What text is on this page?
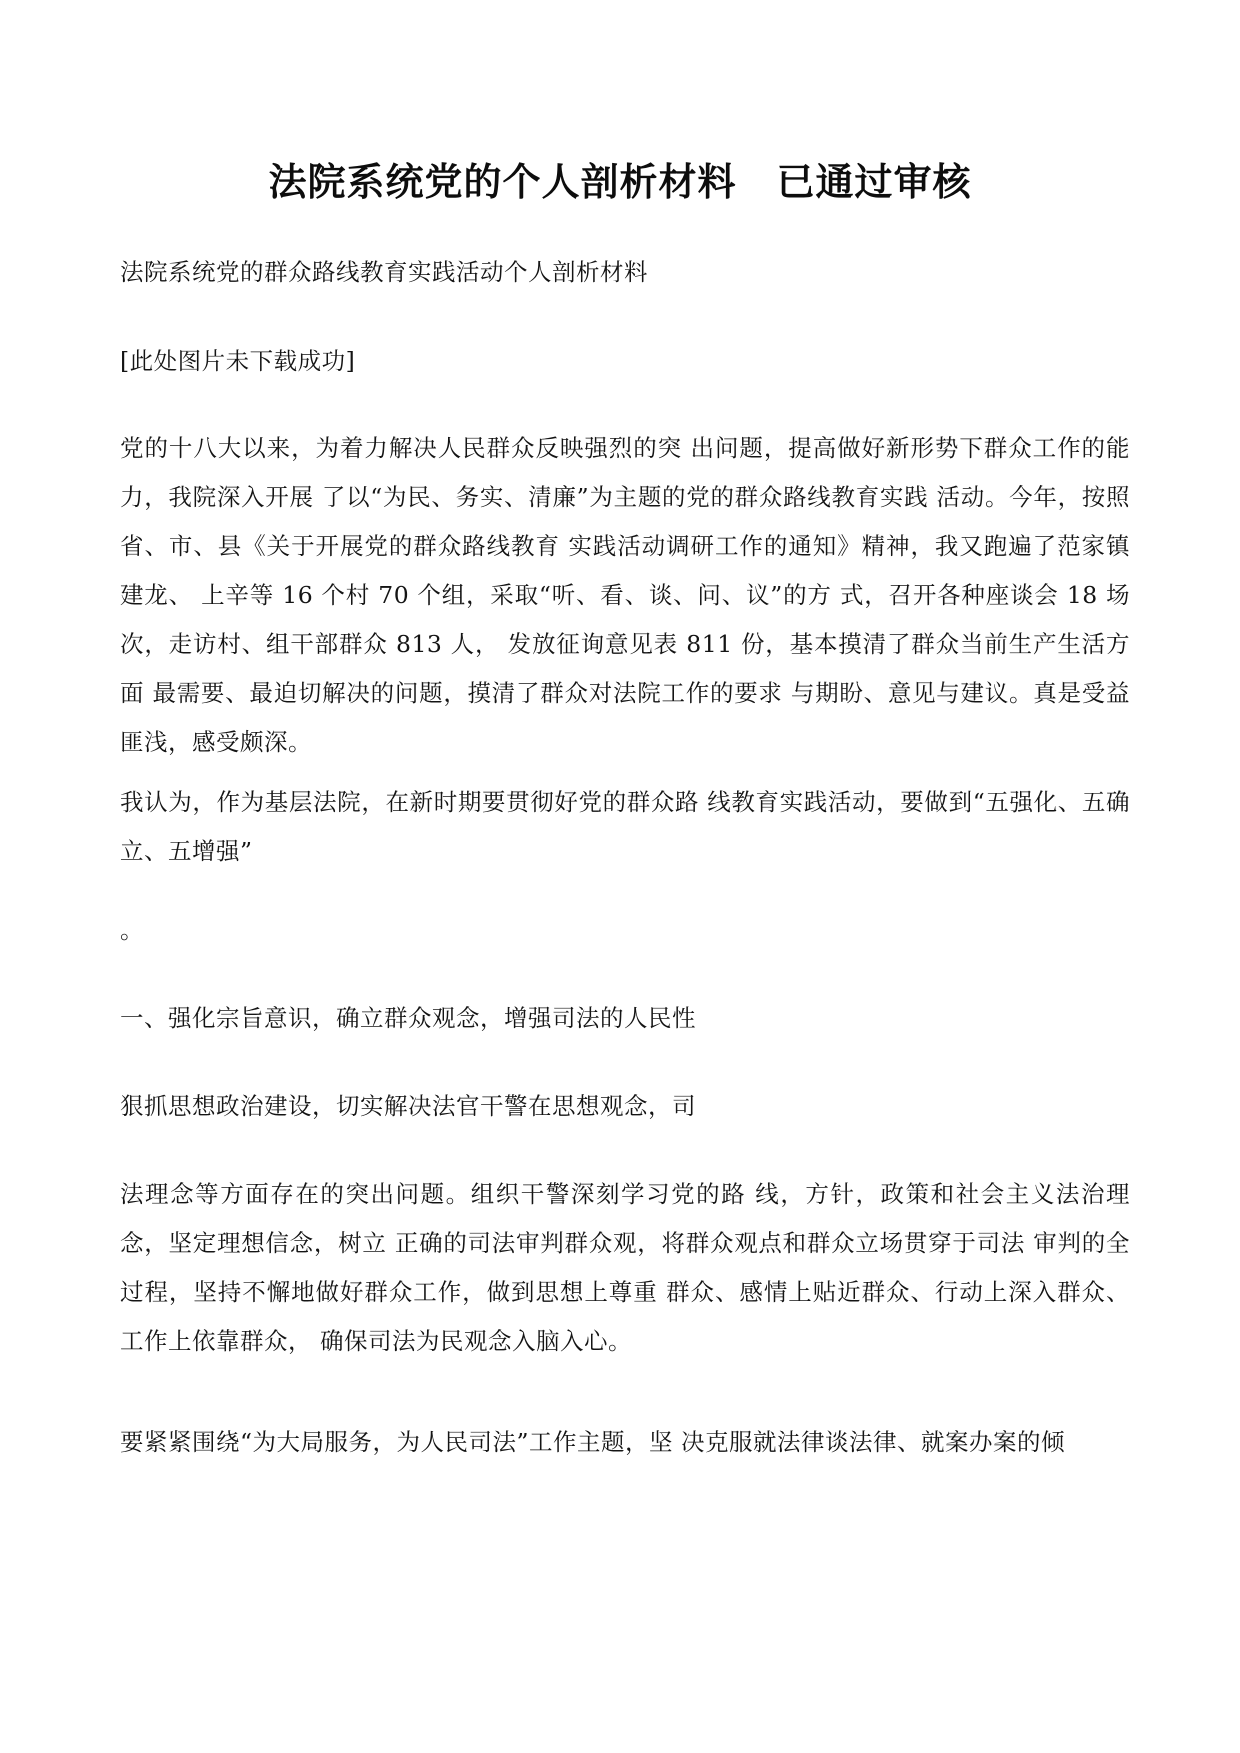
法院系统党的个人剖析材料 已通过审核
法院系统党的群众路线教育实践活动个人剖析材料
[此处图片未下载成功]
党的十八大以来，为着力解决人民群众反映强烈的突 出问题，提高做好新形势下群众工作的能力，我院深入开展 了以“为民、务实、清廉”为主题的党的群众路线教育实践 活动。今年，按照省、市、县《关于开展党的群众路线教育 实践活动调研工作的通知》精神，我又跑遍了范家镇建龙、 上辛等 16 个村 70 个组，采取“听、看、谈、问、议”的方 式，召开各种座谈会 18 场次，走访村、组干部群众 813 人， 发放征询意见表 811 份，基本摸清了群众当前生产生活方面 最需要、最迫切解决的问题，摸清了群众对法院工作的要求 与期盼、意见与建议。真是受益匪浅，感受颇深。
我认为，作为基层法院，在新时期要贯彻好党的群众路 线教育实践活动，要做到“五强化、五确立、五增强”
。
一、强化宗旨意识，确立群众观念，增强司法的人民性
狠抓思想政治建设，切实解决法官干警在思想观念，司
法理念等方面存在的突出问题。组织干警深刻学习党的路 线，方针，政策和社会主义法治理念，坚定理想信念，树立 正确的司法审判群众观，将群众观点和群众立场贯穿于司法 审判的全过程，坚持不懈地做好群众工作，做到思想上尊重 群众、感情上贴近群众、行动上深入群众、工作上依靠群众， 确保司法为民观念入脑入心。
要紧紧围绕“为大局服务，为人民司法”工作主题，坚 决克服就法律谈法律、就案办案的倾
